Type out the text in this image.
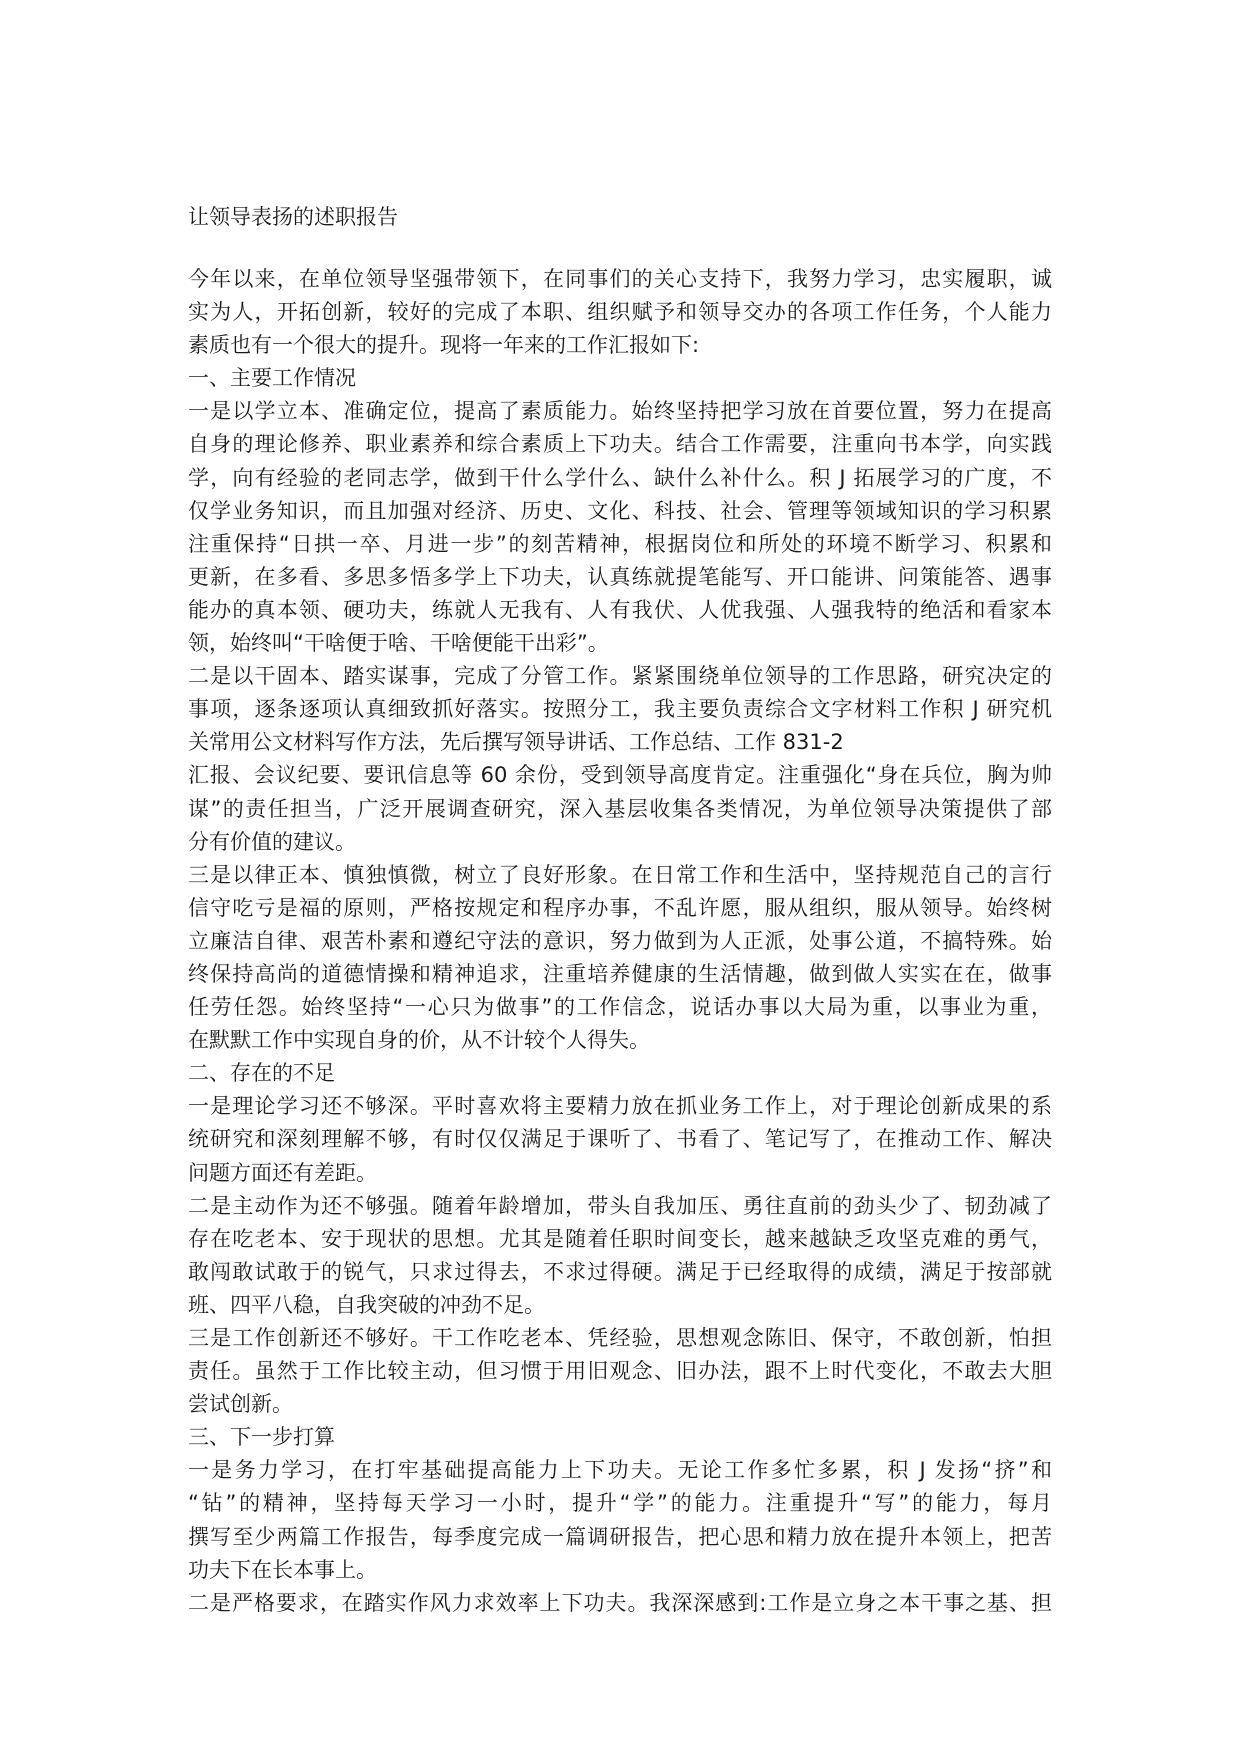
让领导表扬的述职报告
今年以来，在单位领导坚强带领下，在同事们的关心支持下，我努力学习，忠实履职，诚
实为人，开拓创新，较好的完成了本职、组织赋予和领导交办的各项工作任务，个人能力
素质也有一个很大的提升。现将一年来的工作汇报如下:
一、主要工作情况
一是以学立本、准确定位，提高了素质能力。始终坚持把学习放在首要位置，努力在提高
自身的理论修养、职业素养和综合素质上下功夫。结合工作需要，注重向书本学，向实践
学，向有经验的老同志学，做到干什么学什么、缺什么补什么。积 J 拓展学习的广度，不
仅学业务知识，而且加强对经济、历史、文化、科技、社会、管理等领域知识的学习积累
注重保持“日拱一卒、月进一步”的刻苦精神，根据岗位和所处的环境不断学习、积累和
更新，在多看、多思多悟多学上下功夫，认真练就提笔能写、开口能讲、问策能答、遇事
能办的真本领、硬功夫，练就人无我有、人有我伏、人优我强、人强我特的绝活和看家本
领，始终叫“干啥便于啥、干啥便能干出彩”。
二是以干固本、踏实谋事，完成了分管工作。紧紧围绕单位领导的工作思路，研究决定的
事项，逐条逐项认真细致抓好落实。按照分工，我主要负责综合文字材料工作积 J 研究机
关常用公文材料写作方法，先后撰写领导讲话、工作总结、工作 831-2
汇报、会议纪要、要讯信息等 60 余份，受到领导高度肯定。注重强化“身在兵位，胸为帅
谋”的责任担当，广泛开展调查研究，深入基层收集各类情况，为单位领导决策提供了部
分有价值的建议。
三是以律正本、慎独慎微，树立了良好形象。在日常工作和生活中，坚持规范自己的言行
信守吃亏是福的原则，严格按规定和程序办事，不乱许愿，服从组织，服从领导。始终树
立廉洁自律、艰苦朴素和遵纪守法的意识，努力做到为人正派，处事公道，不搞特殊。始
终保持高尚的道德情操和精神追求，注重培养健康的生活情趣，做到做人实实在在，做事
任劳任怨。始终坚持“一心只为做事”的工作信念，说话办事以大局为重，以事业为重，
在默默工作中实现自身的价，从不计较个人得失。
二、存在的不足
一是理论学习还不够深。平时喜欢将主要精力放在抓业务工作上，对于理论创新成果的系
统研究和深刻理解不够，有时仅仅满足于课听了、书看了、笔记写了，在推动工作、解决
问题方面还有差距。
二是主动作为还不够强。随着年龄增加，带头自我加压、勇往直前的劲头少了、韧劲减了
存在吃老本、安于现状的思想。尤其是随着任职时间变长，越来越缺乏攻坚克难的勇气，
敢闯敢试敢于的锐气，只求过得去，不求过得硬。满足于已经取得的成绩，满足于按部就
班、四平八稳，自我突破的冲劲不足。
三是工作创新还不够好。干工作吃老本、凭经验，思想观念陈旧、保守，不敢创新，怕担
责任。虽然于工作比较主动，但习惯于用旧观念、旧办法，跟不上时代变化，不敢去大胆
尝试创新。
三、下一步打算
一是务力学习，在打牢基础提高能力上下功夫。无论工作多忙多累，积 J 发扬“挤”和
“钻”的精神，坚持每天学习一小时，提升“学”的能力。注重提升“写”的能力，每月
撰写至少两篇工作报告，每季度完成一篇调研报告，把心思和精力放在提升本领上，把苦
功夫下在长本事上。
二是严格要求，在踏实作风力求效率上下功夫。我深深感到:工作是立身之本干事之基、担
